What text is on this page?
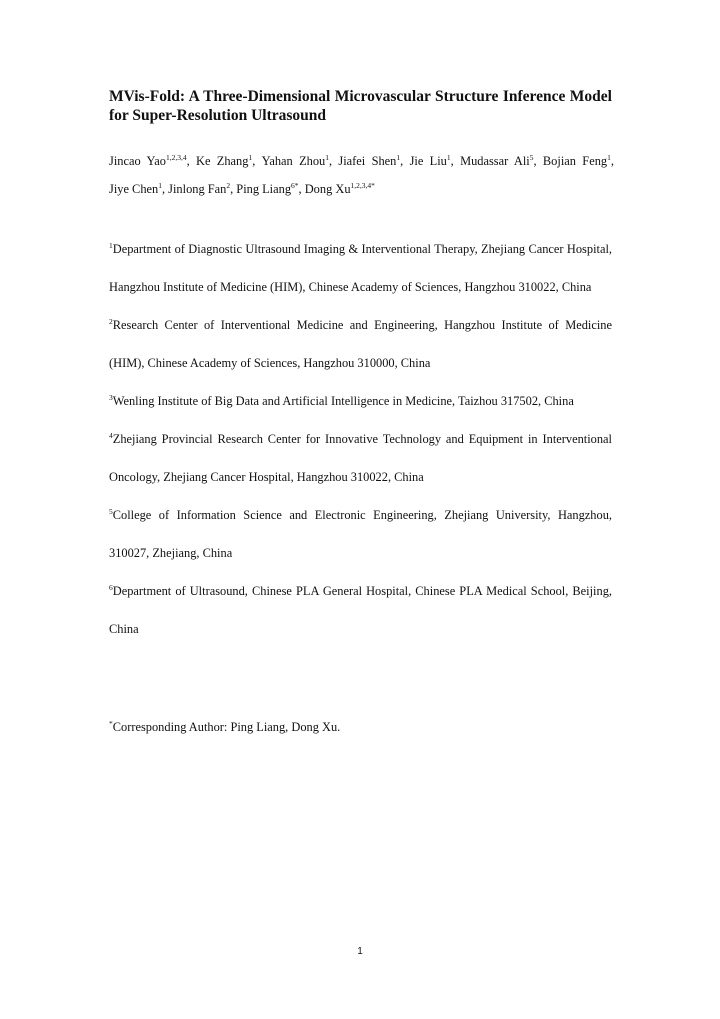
MVis-Fold: A Three-Dimensional Microvascular Structure Inference Model for Super-Resolution Ultrasound
Jincao Yao$^{1,2,3,4}$, Ke Zhang$^1$, Yahan Zhou$^1$, Jiafei Shen$^1$, Jie Liu$^1$, Mudassar Ali$^5$, Bojian Feng$^1$, Jiye Chen$^1$, Jinlong Fan$^2$, Ping Liang$^{6*}$, Dong $Xu^{1,2,3,4*}$

$^1$Department of Diagnostic Ultrasound Imaging & Interventional Therapy, Zhejiang Cancer Hospital, Hangzhou Institute of Medicine (HIM), Chinese Academy of Sciences, Hangzhou 310022, China

$^2$Research Center of Interventional Medicine and Engineering, Hangzhou Institute of Medicine (HIM), Chinese Academy of Sciences, Hangzhou 310000, China

$^3$Wenling Institute of Big Data and Artificial Intelligence in Medicine, Taizhou 317502, China

$^4$Zhejiang Provincial Research Center for Innovative Technology and Equipment in Interventional Oncology, Zhejiang Cancer Hospital, Hangzhou 310022, China

$^5$College of Information Science and Electronic Engineering, Zhejiang University, Hangzhou, 310027, Zhejiang, China

$^6$Department of Ultrasound, Chinese PLA General Hospital, Chinese PLA Medical School, Beijing, China

*Corresponding Author: Ping Liang, Dong Xu.
1
